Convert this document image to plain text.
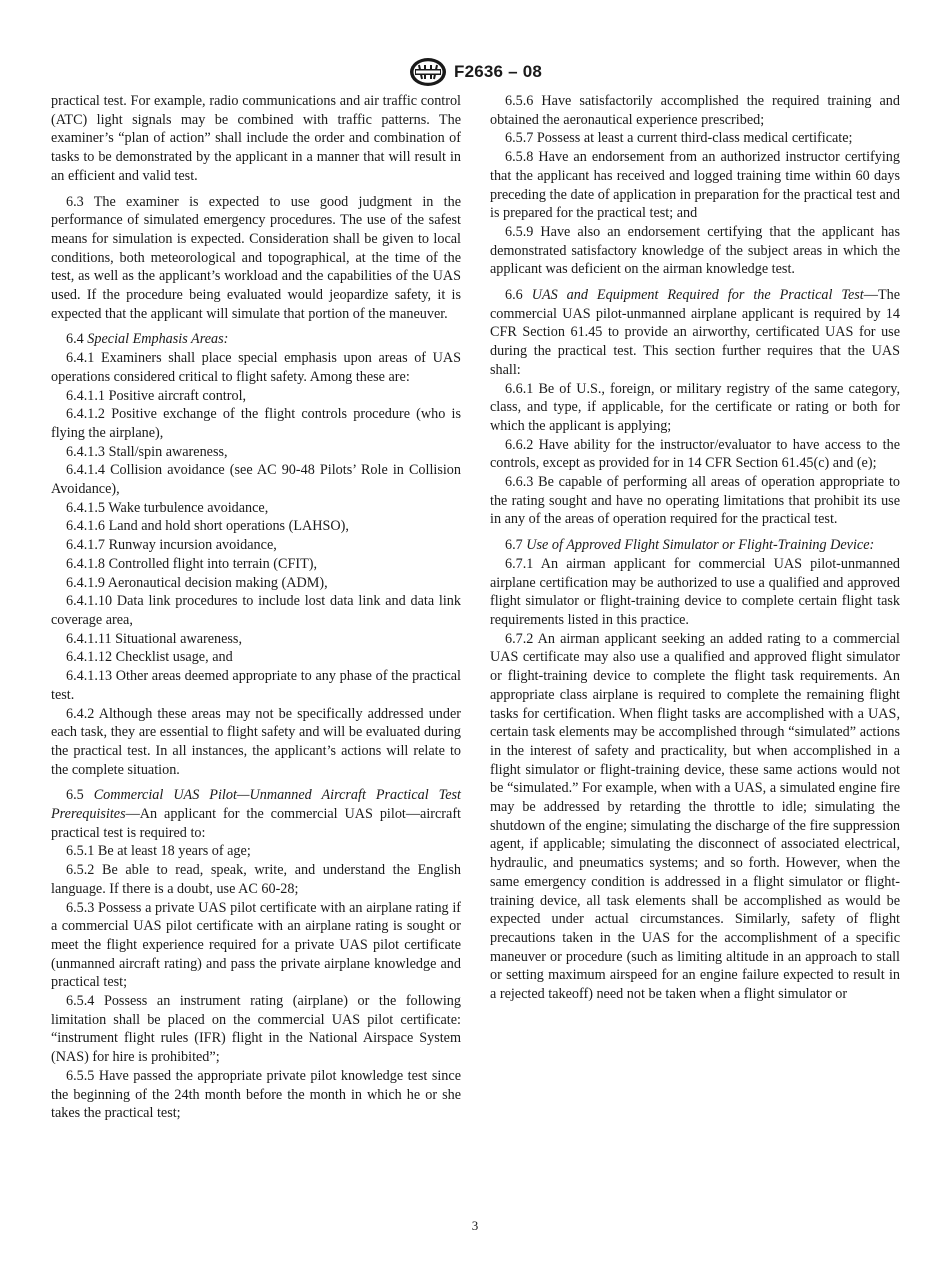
F2636 – 08

practical test. For example, radio communications and air traffic control (ATC) light signals may be combined with traffic patterns. The examiner’s “plan of action” shall include the order and combination of tasks to be demonstrated by the applicant in a manner that will result in an efficient and valid test.

6.3 The examiner is expected to use good judgment in the performance of simulated emergency procedures. The use of the safest means for simulation is expected. Consideration shall be given to local conditions, both meteorological and topographical, at the time of the test, as well as the applicant’s workload and the capabilities of the UAS used. If the procedure being evaluated would jeopardize safety, it is expected that the applicant will simulate that portion of the maneuver.

6.4 Special Emphasis Areas:

6.4.1 Examiners shall place special emphasis upon areas of UAS operations considered critical to flight safety. Among these are:

6.4.1.1 Positive aircraft control,

6.4.1.2 Positive exchange of the flight controls procedure (who is flying the airplane),

6.4.1.3 Stall/spin awareness,

6.4.1.4 Collision avoidance (see AC 90-48 Pilots’ Role in Collision Avoidance),

6.4.1.5 Wake turbulence avoidance,

6.4.1.6 Land and hold short operations (LAHSO),

6.4.1.7 Runway incursion avoidance,

6.4.1.8 Controlled flight into terrain (CFIT),

6.4.1.9 Aeronautical decision making (ADM),

6.4.1.10 Data link procedures to include lost data link and data link coverage area,

6.4.1.11 Situational awareness,

6.4.1.12 Checklist usage, and

6.4.1.13 Other areas deemed appropriate to any phase of the practical test.

6.4.2 Although these areas may not be specifically addressed under each task, they are essential to flight safety and will be evaluated during the practical test. In all instances, the applicant’s actions will relate to the complete situation.

6.5 Commercial UAS Pilot—Unmanned Aircraft Practical Test Prerequisites—An applicant for the commercial UAS pilot—aircraft practical test is required to:

6.5.1 Be at least 18 years of age;

6.5.2 Be able to read, speak, write, and understand the English language. If there is a doubt, use AC 60-28;

6.5.3 Possess a private UAS pilot certificate with an airplane rating if a commercial UAS pilot certificate with an airplane rating is sought or meet the flight experience required for a private UAS pilot certificate (unmanned aircraft rating) and pass the private airplane knowledge and practical test;

6.5.4 Possess an instrument rating (airplane) or the following limitation shall be placed on the commercial UAS pilot certificate: “instrument flight rules (IFR) flight in the National Airspace System (NAS) for hire is prohibited”;

6.5.5 Have passed the appropriate private pilot knowledge test since the beginning of the 24th month before the month in which he or she takes the practical test;

6.5.6 Have satisfactorily accomplished the required training and obtained the aeronautical experience prescribed;

6.5.7 Possess at least a current third-class medical certificate;

6.5.8 Have an endorsement from an authorized instructor certifying that the applicant has received and logged training time within 60 days preceding the date of application in preparation for the practical test and is prepared for the practical test; and

6.5.9 Have also an endorsement certifying that the applicant has demonstrated satisfactory knowledge of the subject areas in which the applicant was deficient on the airman knowledge test.

6.6 UAS and Equipment Required for the Practical Test—The commercial UAS pilot-unmanned airplane applicant is required by 14 CFR Section 61.45 to provide an airworthy, certificated UAS for use during the practical test. This section further requires that the UAS shall:

6.6.1 Be of U.S., foreign, or military registry of the same category, class, and type, if applicable, for the certificate or rating or both for which the applicant is applying;

6.6.2 Have ability for the instructor/evaluator to have access to the controls, except as provided for in 14 CFR Section 61.45(c) and (e);

6.6.3 Be capable of performing all areas of operation appropriate to the rating sought and have no operating limitations that prohibit its use in any of the areas of operation required for the practical test.

6.7 Use of Approved Flight Simulator or Flight-Training Device:

6.7.1 An airman applicant for commercial UAS pilot-unmanned airplane certification may be authorized to use a qualified and approved flight simulator or flight-training device to complete certain flight task requirements listed in this practice.

6.7.2 An airman applicant seeking an added rating to a commercial UAS certificate may also use a qualified and approved flight simulator or flight-training device to complete the flight task requirements. An appropriate class airplane is required to complete the remaining flight tasks for certification. When flight tasks are accomplished with a UAS, certain task elements may be accomplished through “simulated” actions in the interest of safety and practicality, but when accomplished in a flight simulator or flight-training device, these same actions would not be “simulated.” For example, when with a UAS, a simulated engine fire may be addressed by retarding the throttle to idle; simulating the shutdown of the engine; simulating the discharge of the fire suppression agent, if applicable; simulating the disconnect of associated electrical, hydraulic, and pneumatics systems; and so forth. However, when the same emergency condition is addressed in a flight simulator or flight-training device, all task elements shall be accomplished as would be expected under actual circumstances. Similarly, safety of flight precautions taken in the UAS for the accomplishment of a specific maneuver or procedure (such as limiting altitude in an approach to stall or setting maximum airspeed for an engine failure expected to result in a rejected takeoff) need not be taken when a flight simulator or

3
